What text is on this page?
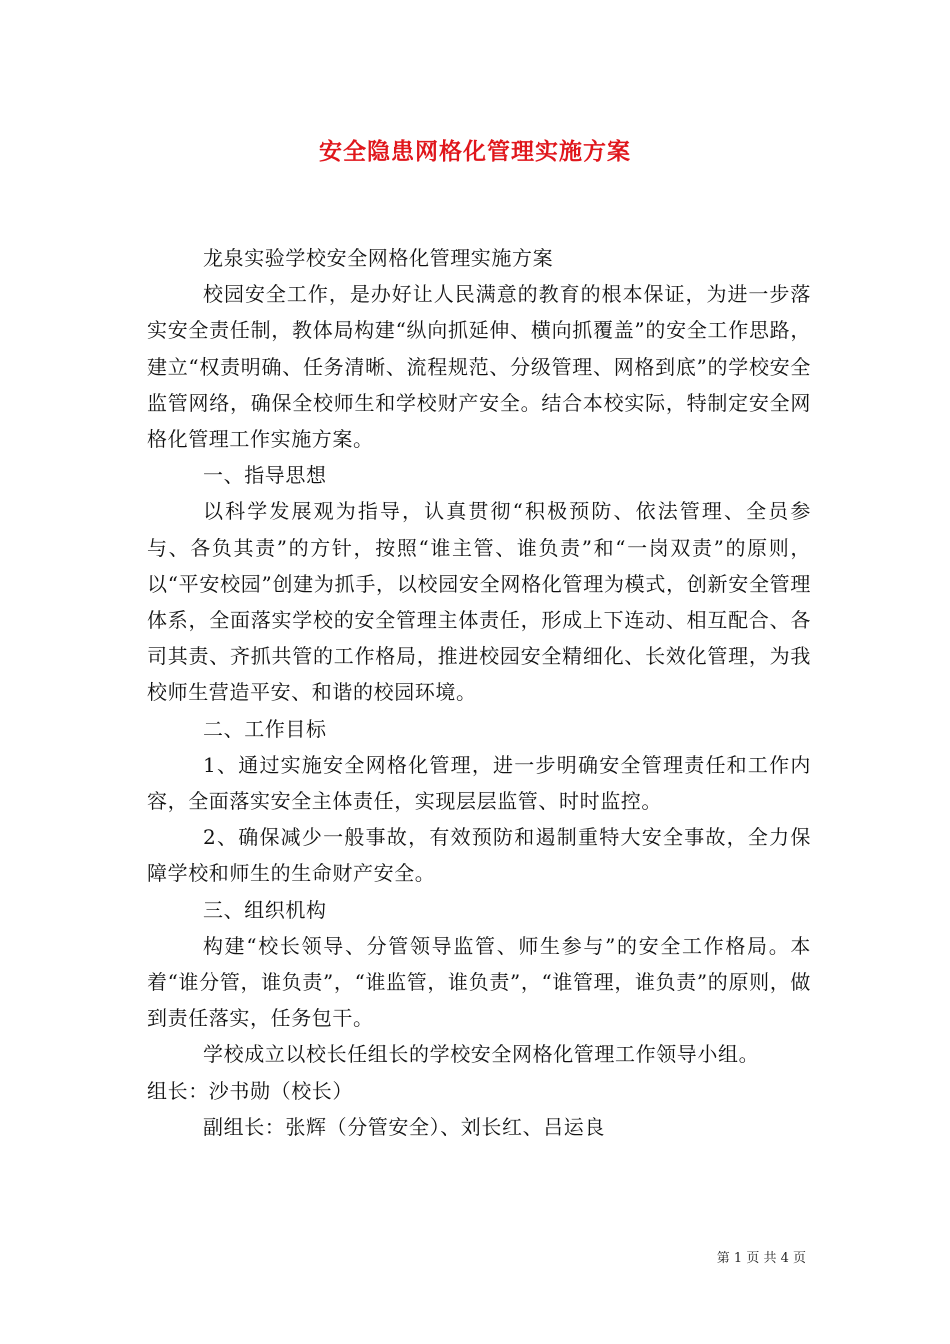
安全隐患网格化管理实施方案

龙泉实验学校安全网格化管理实施方案

校园安全工作，是办好让人民满意的教育的根本保证，为进一步落实安全责任制，教体局构建“纵向抓延伸、横向抓覆盖”的安全工作思路，建立“权责明确、任务清晰、流程规范、分级管理、网格到底”的学校安全监管网络，确保全校师生和学校财产安全。结合本校实际，特制定安全网格化管理工作实施方案。

一、指导思想

以科学发展观为指导，认真贯彻“积极预防、依法管理、全员参与、各负其责”的方针，按照“谁主管、谁负责”和“一岗双责”的原则，以“平安校园”创建为抓手，以校园安全网格化管理为模式，创新安全管理体系，全面落实学校的安全管理主体责任，形成上下连动、相互配合、各司其责、齐抓共管的工作格局，推进校园安全精细化、长效化管理，为我校师生营造平安、和谐的校园环境。

二、工作目标

1、通过实施安全网格化管理，进一步明确安全管理责任和工作内容，全面落实安全主体责任，实现层层监管、时时监控。

2、确保减少一般事故，有效预防和遏制重特大安全事故，全力保障学校和师生的生命财产安全。

三、组织机构

构建“校长领导、分管领导监管、师生参与”的安全工作格局。本着“谁分管，谁负责”，“谁监管，谁负责”，“谁管理，谁负责”的原则，做到责任落实，任务包干。

学校成立以校长任组长的学校安全网格化管理工作领导小组。

组长：沙书勋（校长）

副组长：张辉（分管安全）、刘长红、吕运良

第 1 页 共 4 页
